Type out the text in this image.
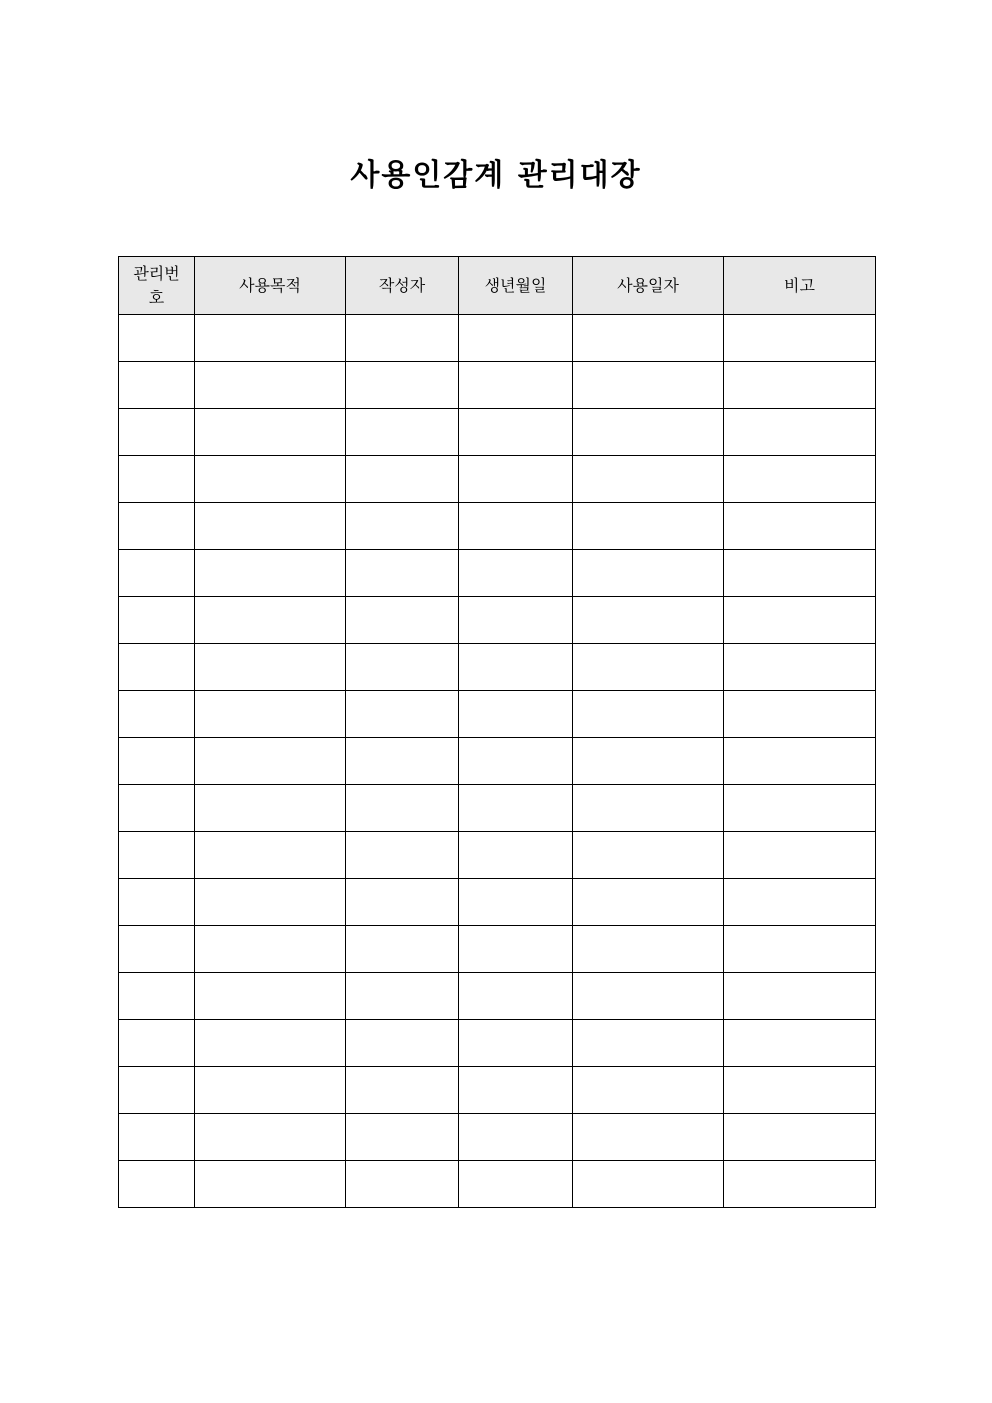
사용인감계 관리대장
관리번호	사용목적	작성자	생년월일	사용일자	비고
